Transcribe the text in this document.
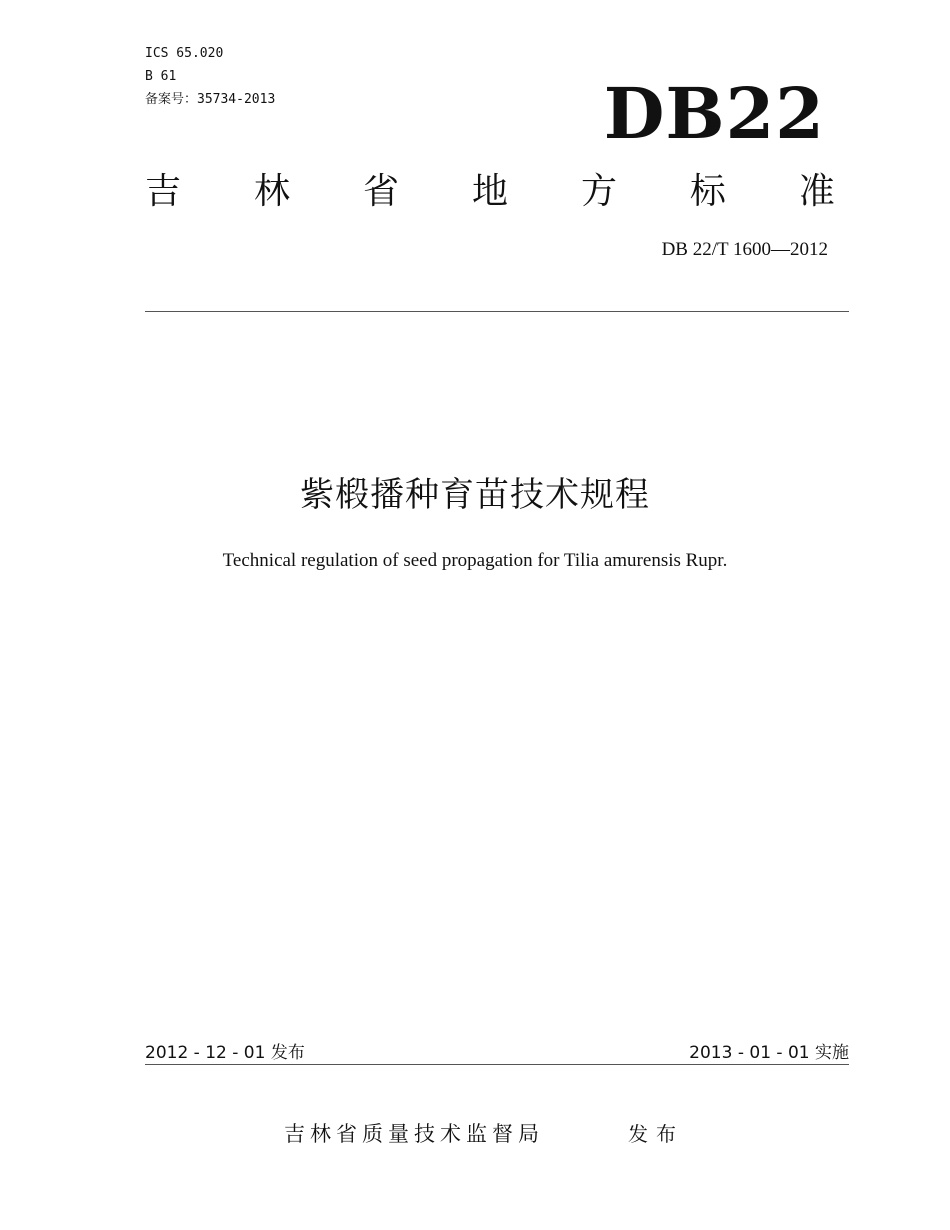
ICS 65.020
B 61
备案号：35734-2013	DB22
吉 林 省 地 方 标 准
DB 22/T 1600—2012
紫椴播种育苗技术规程
Technical regulation of seed propagation for Tilia amurensis Rupr.
2012 - 12 - 01 发布	2013 - 01 - 01 实施
吉林省质量技术监督局	发布
